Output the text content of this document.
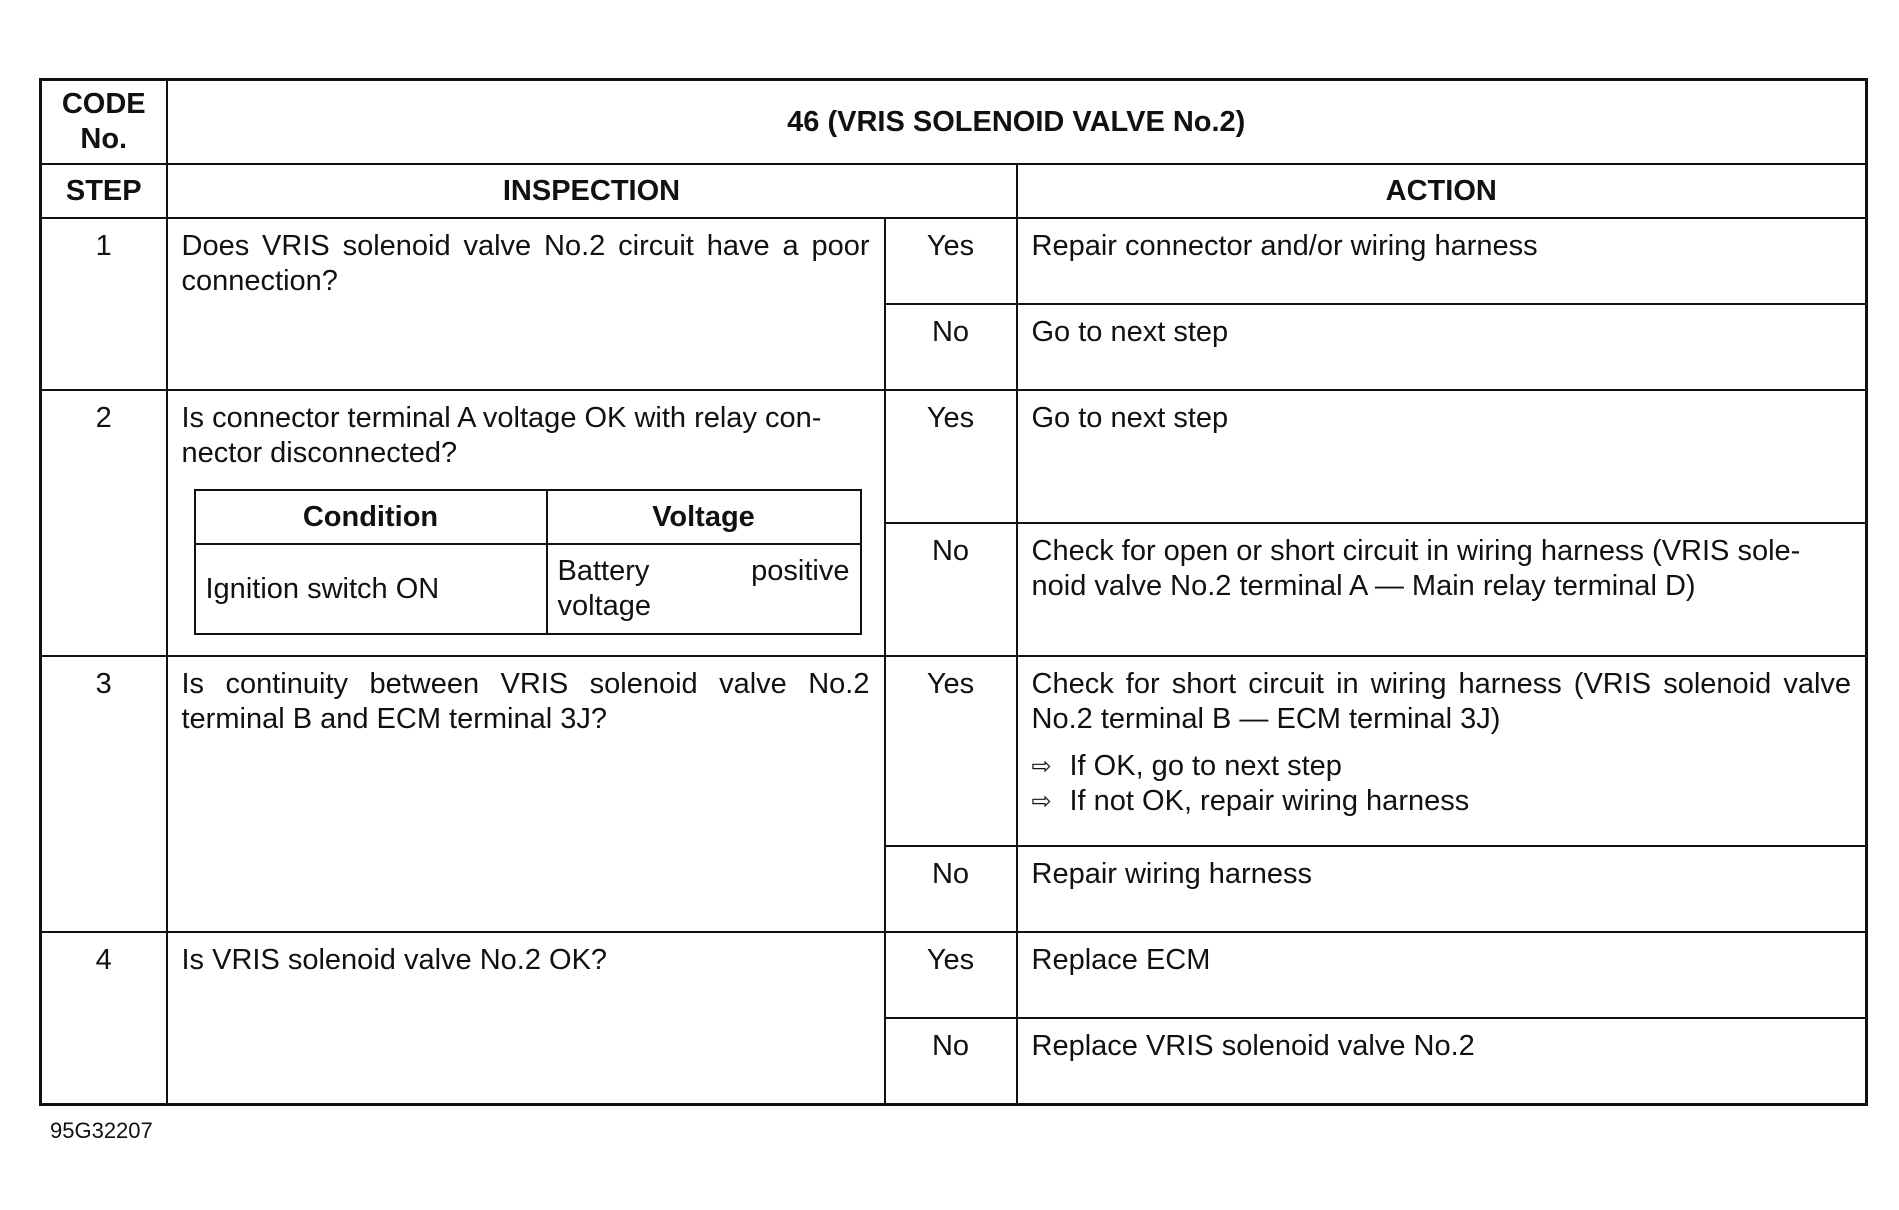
CODE
No.	46 (VRIS SOLENOID VALVE No.2)
STEP	INSPECTION	ACTION
1	Does VRIS solenoid valve No.2 circuit have a poor connection?	Yes	Repair connector and/or wiring harness
No	Go to next step
2	Is connector terminal A voltage OK with relay con-nector disconnected?
Condition	Voltage
Ignition switch ON	Battery positive voltage
	Yes	Go to next step
No	Check for open or short circuit in wiring harness (VRIS sole-noid valve No.2 terminal A — Main relay terminal D)
3	Is continuity between VRIS solenoid valve No.2 terminal B and ECM terminal 3J?	Yes	Check for short circuit in wiring harness (VRIS solenoid valve No.2 terminal B — ECM terminal 3J)
⇨ If OK, go to next step
⇨ If not OK, repair wiring harness

No	Repair wiring harness
4	Is VRIS solenoid valve No.2 OK?	Yes	Replace ECM
No	Replace VRIS solenoid valve No.2
95G32207
